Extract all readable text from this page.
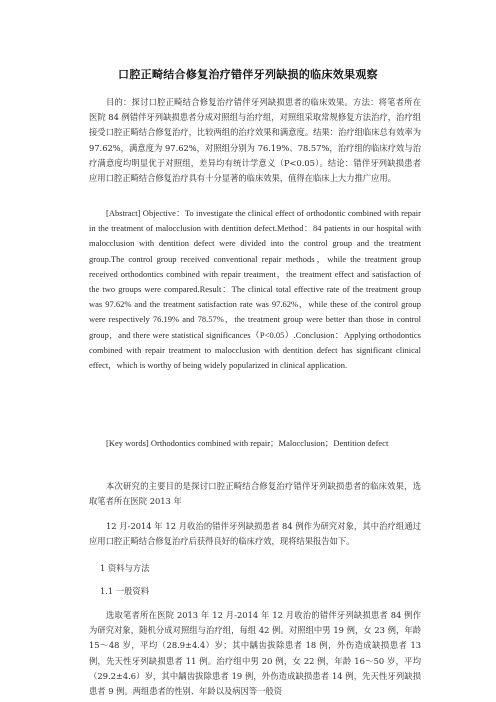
口腔正畸结合修复治疗错伴牙列缺损的临床效果观察

目的：探讨口腔正畸结合修复治疗错伴牙列缺损患者的临床效果。方法：将笔者所在医院 84 例错伴牙列缺损患者分成对照组与治疗组，对照组采取常规修复方法治疗，治疗组接受口腔正畸结合修复治疗，比较两组的治疗效果和满意度。结果：治疗组临床总有效率为 97.62%，满意度为 97.62%，对照组分别为 76.19%、78.57%，治疗组的临床疗效与治疗满意度均明显优于对照组，差异均有统计学意义（P<0.05）。结论：错伴牙列缺损患者应用口腔正畸结合修复治疗具有十分显著的临床效果，值得在临床上大力推广应用。

[Abstract] Objective：To investigate the clinical effect of orthodontic combined with repair in the treatment of malocclusion with dentition defect.Method：84 patients in our hospital with malocclusion with dentition defect were divided into the control group and the treatment group.The control group received conventional repair methods，while the treatment group received orthodontics combined with repair treatment，the treatment effect and satisfaction of the two groups were compared.Result：The clinical total effective rate of the treatment group was 97.62% and the treatment satisfaction rate was 97.62%，while these of the control group were respectively 76.19% and 78.57%，the treatment group were better than those in control group，and there were statistical significances（P<0.05）.Conclusion：Applying orthodontics combined with repair treatment to malocclusion with dentition defect has significant clinical effect，which is worthy of being widely popularized in clinical application.

[Key words] Orthodontics combined with repair；Malocclusion；Dentition defect

本次研究的主要目的是探讨口腔正畸结合修复治疗错伴牙列缺损患者的临床效果，选取笔者所在医院 2013 年

12 月-2014 年 12 月收治的错伴牙列缺损患者 84 例作为研究对象，其中治疗组通过应用口腔正畸结合修复治疗后获得良好的临床疗效，现将结果报告如下。

1 资料与方法

1.1 一般资料

选取笔者所在医院 2013 年 12 月-2014 年 12 月收治的错伴牙列缺损患者 84 例作为研究对象，随机分成对照组与治疗组，每组 42 例。对照组中男 19 例，女 23 例，年龄 15～48 岁，平均（28.9±4.4）岁；其中龋齿拔除患者 18 例，外伤造成缺损患者 13 例，先天性牙列缺损患者 11 例。治疗组中男 20 例，女 22 例，年龄 16～50 岁，平均（29.2±4.6）岁，其中龋齿拔除患者 19 例，外伤造成缺损患者 14 例，先天性牙列缺损患者 9 例。两组患者的性别、年龄以及病因等一般资
